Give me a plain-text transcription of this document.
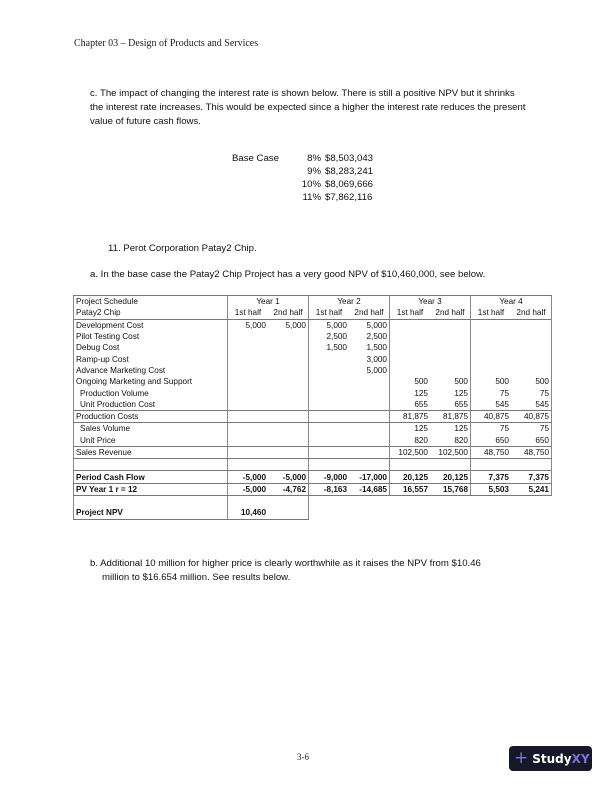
Chapter 03 – Design of Products and Services
c. The impact of changing the interest rate is shown below. There is still a positive NPV but it shrinks the interest rate increases. This would be expected since a higher the interest rate reduces the present value of future cash flows.
Base Case	8%	$8,503,043
	9%	$8,283,241
	10%	$8,069,666
	11%	$7,862,116
11. Perot Corporation Patay2 Chip.
a. In the base case the Patay2 Chip Project has a very good NPV of $10,460,000, see below.
Project Schedule	Year 1		Year 2		Year 3		Year 4	
Patay2 Chip	1st half	2nd half	1st half	2nd half	1st half	2nd half	1st half	2nd half
Development Cost	5,000	5,000	5,000	5,000				
Pilot Testing Cost			2,500	2,500				
Debug Cost			1,500	1,500				
Ramp-up Cost				3,000				
Advance Marketing Cost				5,000				
Ongoing Marketing and Support					500	500	500	500
Production Volume					125	125	75	75
Unit Production Cost					655	655	545	545
Production Costs					81,875	81,875	40,875	40,875
Sales Volume					125	125	75	75
Unit Price					820	820	650	650
Sales Revenue					102,500	102,500	48,750	48,750

Period Cash Flow	-5,000	-5,000	-9,000	-17,000	20,125	20,125	7,375	7,375
PV Year 1 r = 12	-5,000	-4,762	-8,163	-14,685	16,557	15,768	5,503	5,241

Project NPV	10,460							
b. Additional 10 million for higher price is clearly worthwhile as it raises the NPV from $10.46
million to $16.654 million. See results below.
3-6	+ Study XY
